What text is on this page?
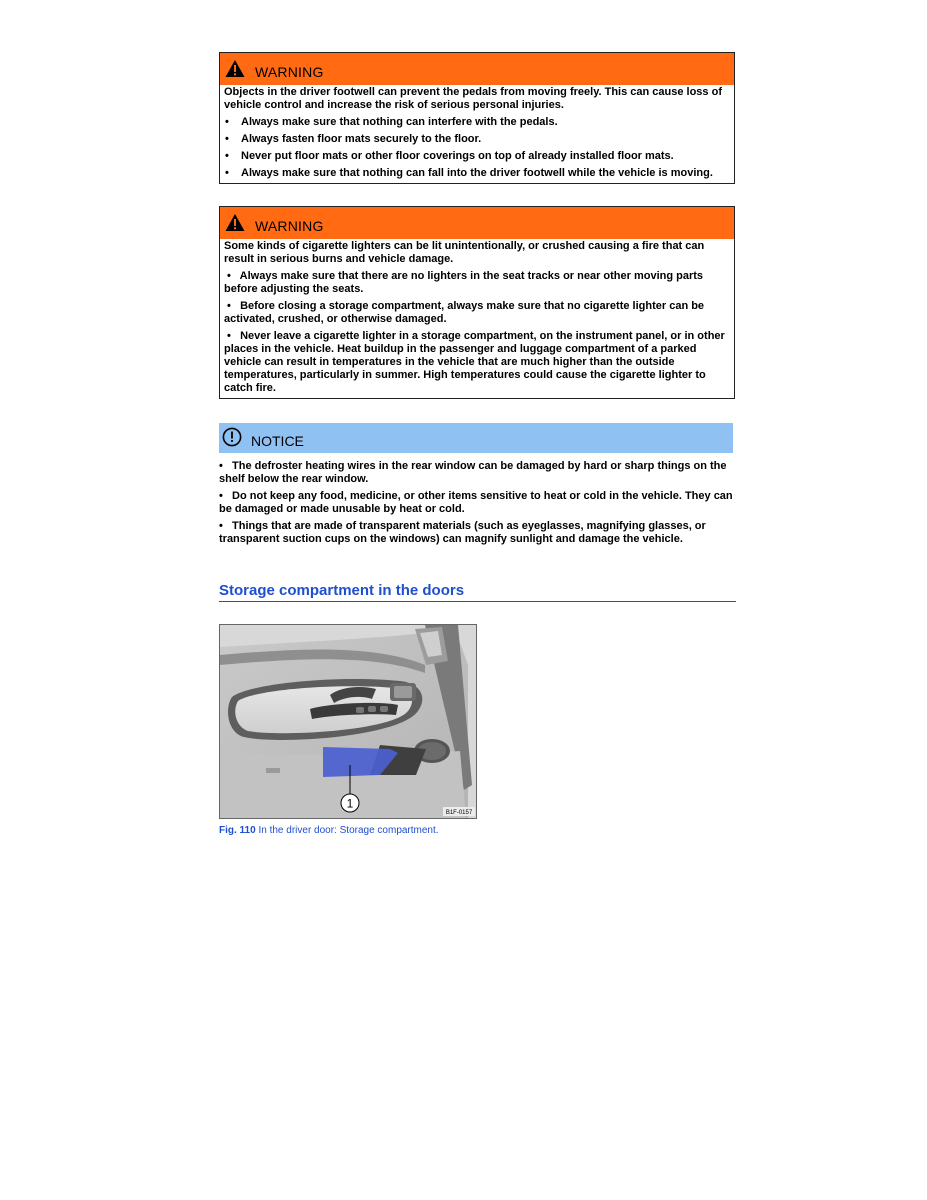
WARNING

Objects in the driver footwell can prevent the pedals from moving freely. This can cause loss of vehicle control and increase the risk of serious personal injuries.

•	Always make sure that nothing can interfere with the pedals.
•	Always fasten floor mats securely to the floor.
•	Never put floor mats or other floor coverings on top of already installed floor mats.
•	Always make sure that nothing can fall into the driver footwell while the vehicle is moving.
WARNING

Some kinds of cigarette lighters can be lit unintentionally, or crushed causing a fire that can result in serious burns and vehicle damage.

•   Always make sure that there are no lighters in the seat tracks or near other moving parts before adjusting the seats.
•   Before closing a storage compartment, always make sure that no cigarette lighter can be activated, crushed, or otherwise damaged.
•   Never leave a cigarette lighter in a storage compartment, on the instrument panel, or in other places in the vehicle. Heat buildup in the passenger and luggage compartment of a parked vehicle can result in temperatures in the vehicle that are much higher than the outside temperatures, particularly in summer. High temperatures could cause the cigarette lighter to catch fire.
NOTICE
•   The defroster heating wires in the rear window can be damaged by hard or sharp things on the shelf below the rear window.
•   Do not keep any food, medicine, or other items sensitive to heat or cold in the vehicle. They can be damaged or made unusable by heat or cold.
•   Things that are made of transparent materials (such as eyeglasses, magnifying glasses, or transparent suction cups on the windows) can magnify sunlight and damage the vehicle.
Storage compartment in the doors
1
B1F-0157
Fig. 110 In the driver door: Storage compartment.
